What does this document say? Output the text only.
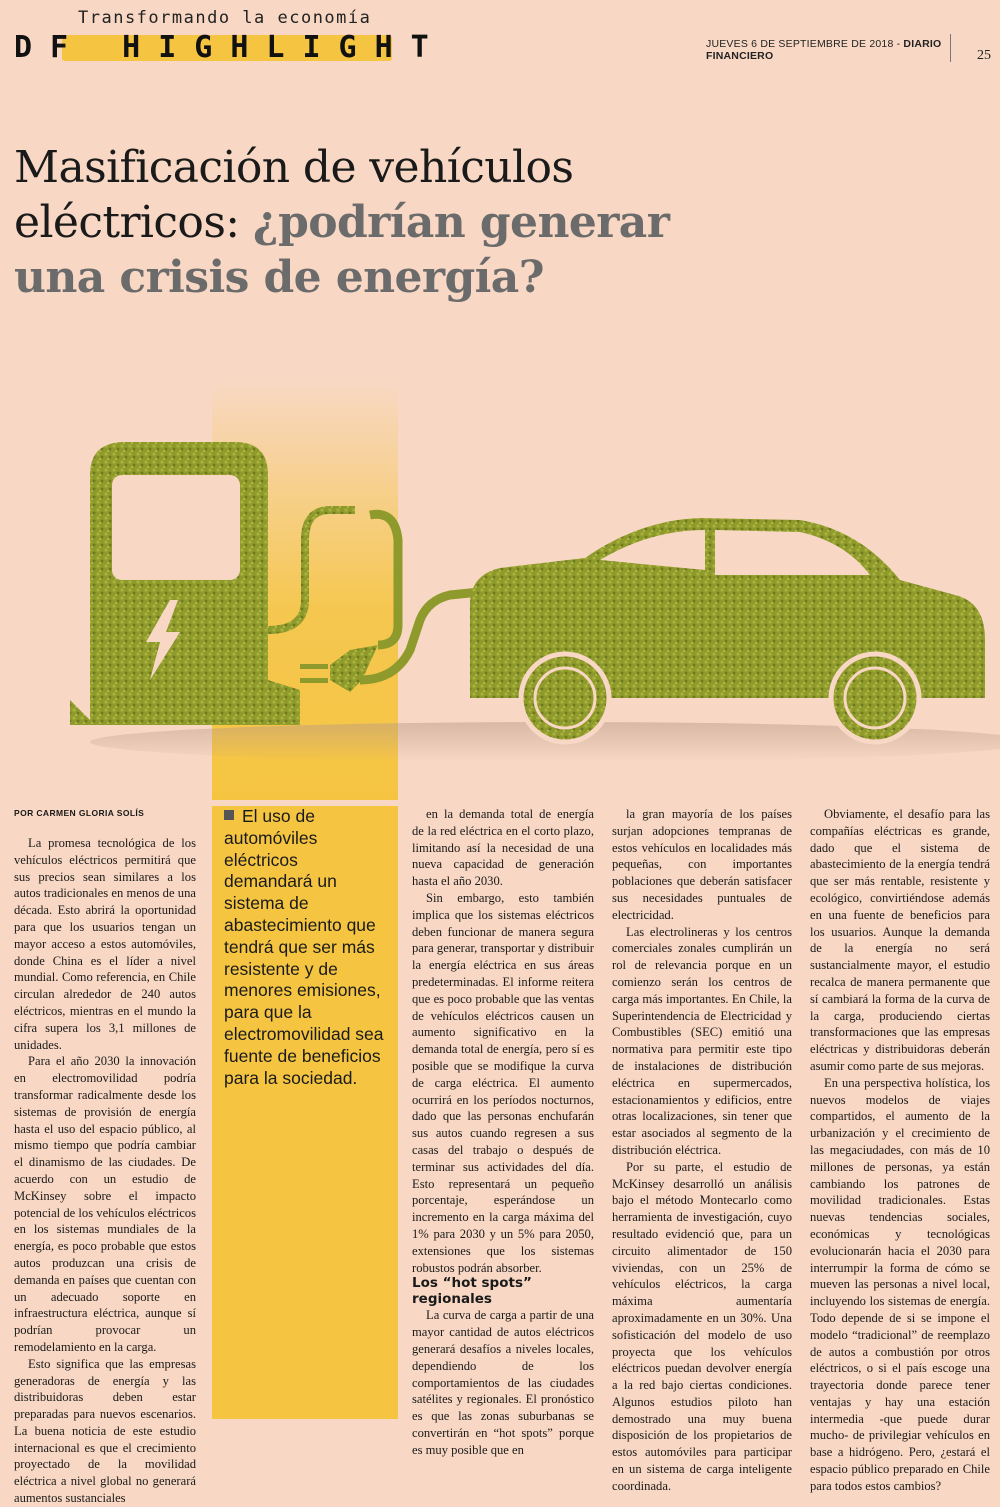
Transformando la economía
DF HIGHLIGHT	JUEVES 6 DE SEPTIEMBRE DE 2018 - DIARIO FINANCIERO	25
Masificación de vehículos
eléctricos: ¿podrían generar
una crisis de energía?
POR CARMEN GLORIA SOLÍS	El uso de automóviles eléctricos demandará un sistema de abastecimiento que tendrá que ser más resistente y de menores emisiones, para que la electromovilidad sea fuente de beneficios para la sociedad.

La promesa tecnológica de los vehículos eléctricos permitirá que sus precios sean similares a los autos tradicionales en menos de una década. Esto abrirá la oportunidad para que los usuarios tengan un mayor acceso a estos automóviles, donde China es el líder a nivel mundial. Como referencia, en Chile circulan alrededor de 240 autos eléctricos, mientras en el mundo la cifra supera los 3,1 millones de unidades.

Para el año 2030 la innovación en electromovilidad podría transformar radicalmente desde los sistemas de provisión de energía hasta el uso del espacio público, al mismo tiempo que podría cambiar el dinamismo de las ciudades. De acuerdo con un estudio de McKinsey sobre el impacto potencial de los vehículos eléctricos en los sistemas mundiales de la energía, es poco probable que estos autos produzcan una crisis de demanda en países que cuentan con un adecuado soporte en infraestructura eléctrica, aunque sí podrían provocar un remodelamiento en la carga.

Esto significa que las empresas generadoras de energía y las distribuidoras deben estar preparadas para nuevos escenarios. La buena noticia de este estudio internacional es que el crecimiento proyectado de la movilidad eléctrica a nivel global no generará aumentos sustanciales

en la demanda total de energía de la red eléctrica en el corto plazo, limitando así la necesidad de una nueva capacidad de generación hasta el año 2030.

Sin embargo, esto también implica que los sistemas eléctricos deben funcionar de manera segura para generar, transportar y distribuir la energía eléctrica en sus áreas predeterminadas. El informe reitera que es poco probable que las ventas de vehículos eléctricos causen un aumento significativo en la demanda total de energía, pero sí es posible que se modifique la curva de carga eléctrica. El aumento ocurrirá en los períodos nocturnos, dado que las personas enchufarán sus autos cuando regresen a sus casas del trabajo o después de terminar sus actividades del día. Esto representará un pequeño porcentaje, esperándose un incremento en la carga máxima del 1% para 2030 y un 5% para 2050, extensiones que los sistemas robustos podrán absorber.

Los “hot spots” regionales

La curva de carga a partir de una mayor cantidad de autos eléctricos generará desafíos a niveles locales, dependiendo de los comportamientos de las ciudades satélites y regionales. El pronóstico es que las zonas suburbanas se convertirán en “hot spots” porque es muy posible que en

la gran mayoría de los países surjan adopciones tempranas de estos vehículos en localidades más pequeñas, con importantes poblaciones que deberán satisfacer sus necesidades puntuales de electricidad.

Las electrolineras y los centros comerciales zonales cumplirán un rol de relevancia porque en un comienzo serán los centros de carga más importantes. En Chile, la Superintendencia de Electricidad y Combustibles (SEC) emitió una normativa para permitir este tipo de instalaciones de distribución eléctrica en supermercados, estacionamientos y edificios, entre otras localizaciones, sin tener que estar asociados al segmento de la distribución eléctrica.

Por su parte, el estudio de McKinsey desarrolló un análisis bajo el método Montecarlo como herramienta de investigación, cuyo resultado evidenció que, para un circuito alimentador de 150 viviendas, con un 25% de vehículos eléctricos, la carga máxima aumentaría aproximadamente en un 30%. Una sofisticación del modelo de uso proyecta que los vehículos eléctricos puedan devolver energía a la red bajo ciertas condiciones. Algunos estudios piloto han demostrado una muy buena disposición de los propietarios de estos automóviles para participar en un sistema de carga inteligente coordinada.

Obviamente, el desafío para las compañías eléctricas es grande, dado que el sistema de abastecimiento de la energía tendrá que ser más rentable, resistente y ecológico, convirtiéndose además en una fuente de beneficios para los usuarios. Aunque la demanda de la energía no será sustancialmente mayor, el estudio recalca de manera permanente que sí cambiará la forma de la curva de la carga, produciendo ciertas transformaciones que las empresas eléctricas y distribuidoras deberán asumir como parte de sus mejoras.

En una perspectiva holística, los nuevos modelos de viajes compartidos, el aumento de la urbanización y el crecimiento de las megaciudades, con más de 10 millones de personas, ya están cambiando los patrones de movilidad tradicionales. Estas nuevas tendencias sociales, económicas y tecnológicas evolucionarán hacia el 2030 para interrumpir la forma de cómo se mueven las personas a nivel local, incluyendo los sistemas de energía. Todo depende de si se impone el modelo “tradicional” de reemplazo de autos a combustión por otros eléctricos, o si el país escoge una trayectoria donde parece tener ventajas y hay una estación intermedia -que puede durar mucho- de privilegiar vehículos en base a hidrógeno. Pero, ¿estará el espacio público preparado en Chile para todos estos cambios?
